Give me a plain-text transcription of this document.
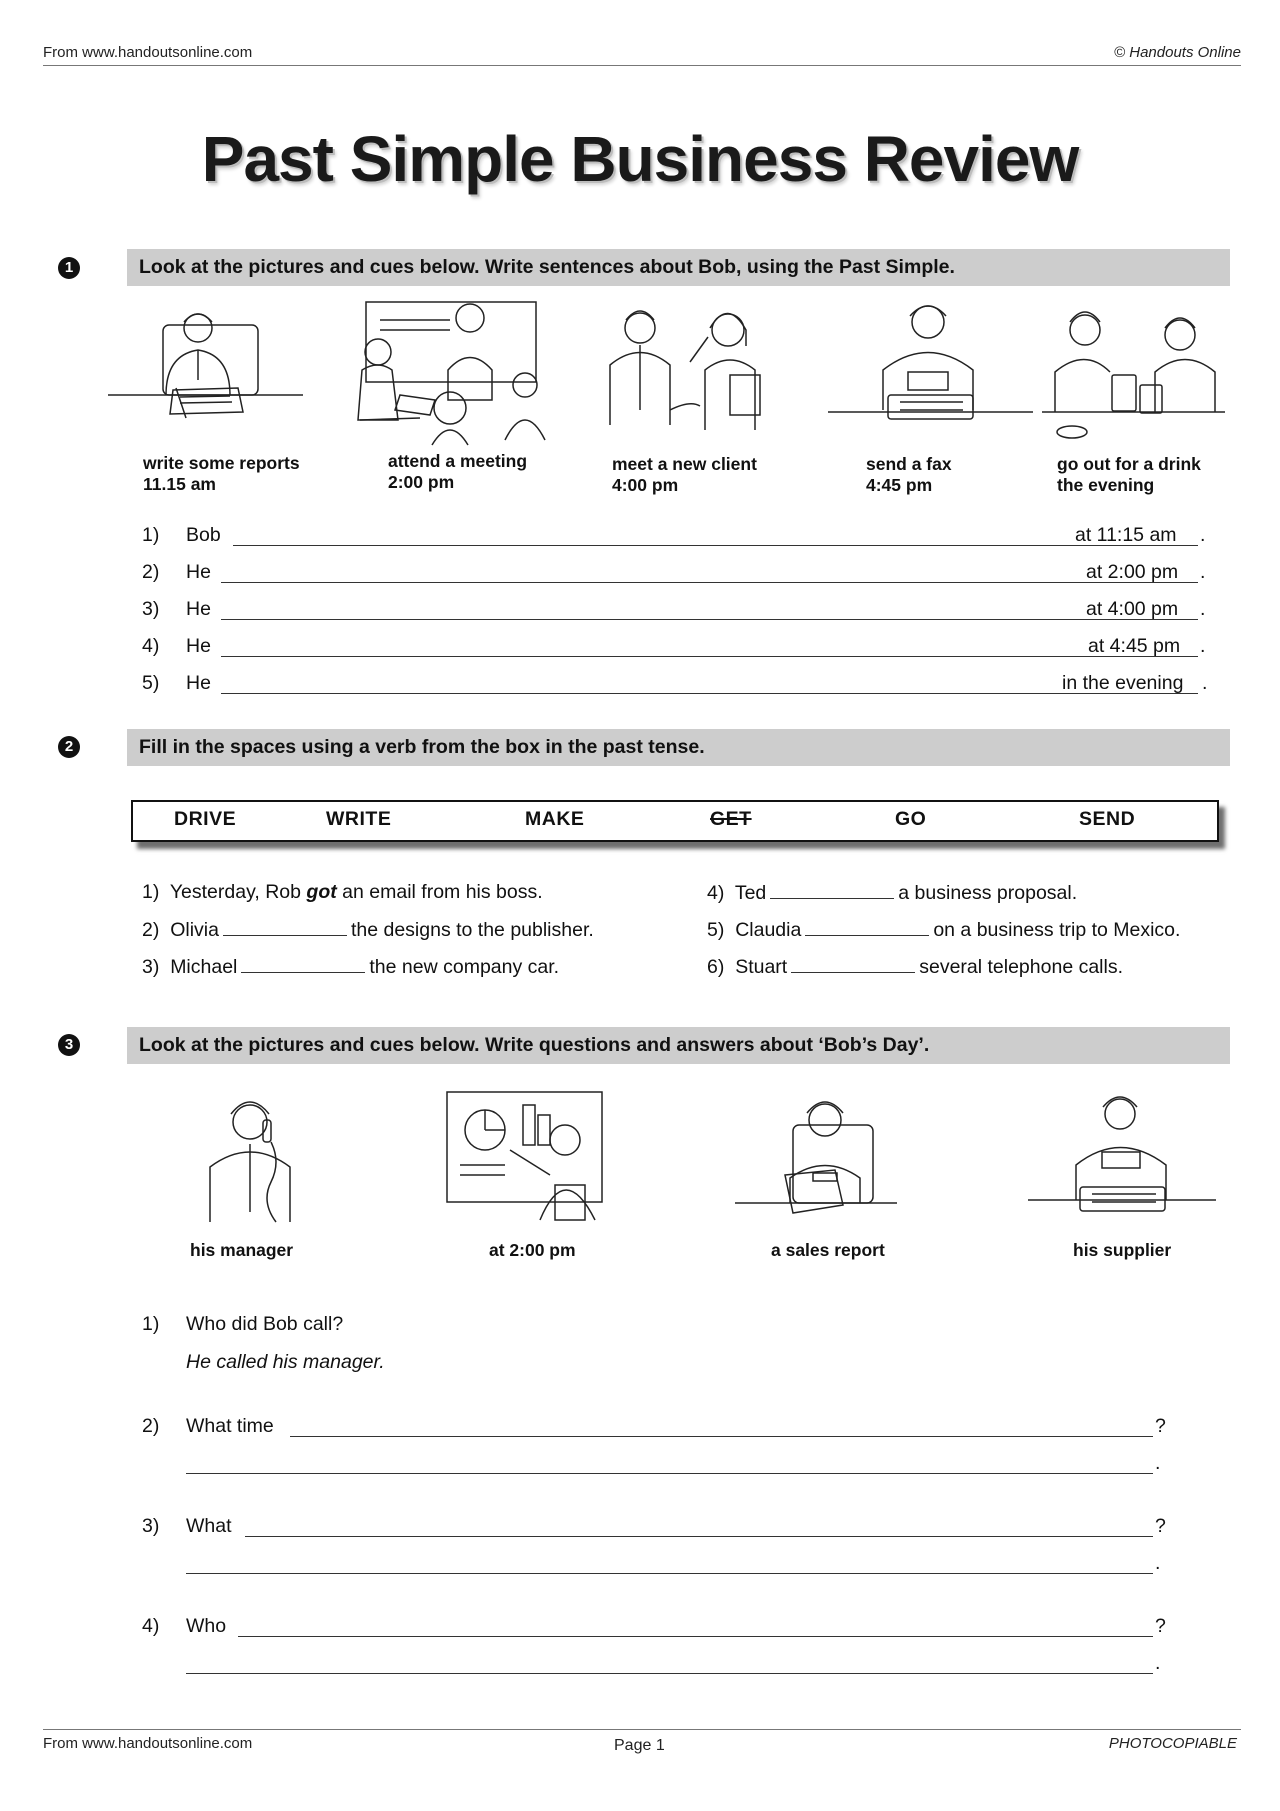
From www.handoutsonline.com	© Handouts Online
Past Simple Business Review
1	Look at the pictures and cues below. Write sentences about Bob, using the Past Simple.
write some reports
11.15 am
attend a meeting
2:00 pm
meet a new client
4:00 pm
send a fax
4:45 pm
go out for a drink
the evening
1) Bob	at 11:15 am .
2) He	at 2:00 pm .
3) He	at 4:00 pm .
4) He	at 4:45 pm .
5) He	in the evening .
2	Fill in the spaces using a verb from the box in the past tense.
DRIVE	WRITE	MAKE	GET	GO	SEND
1) Yesterday, Rob got an email from his boss.
2) Olivia	the designs to the publisher.
3) Michael	the new company car.
4) Ted	a business proposal.
5) Claudia	on a business trip to Mexico.
6) Stuart	several telephone calls.
3	Look at the pictures and cues below. Write questions and answers about ‘Bob’s Day’.
his manager	at 2:00 pm	a sales report	his supplier
1) Who did Bob call?
He called his manager.
2) What time	?
.
3) What	?
.
4) Who	?
.
From www.handoutsonline.com	Page 1	PHOTOCOPIABLE
